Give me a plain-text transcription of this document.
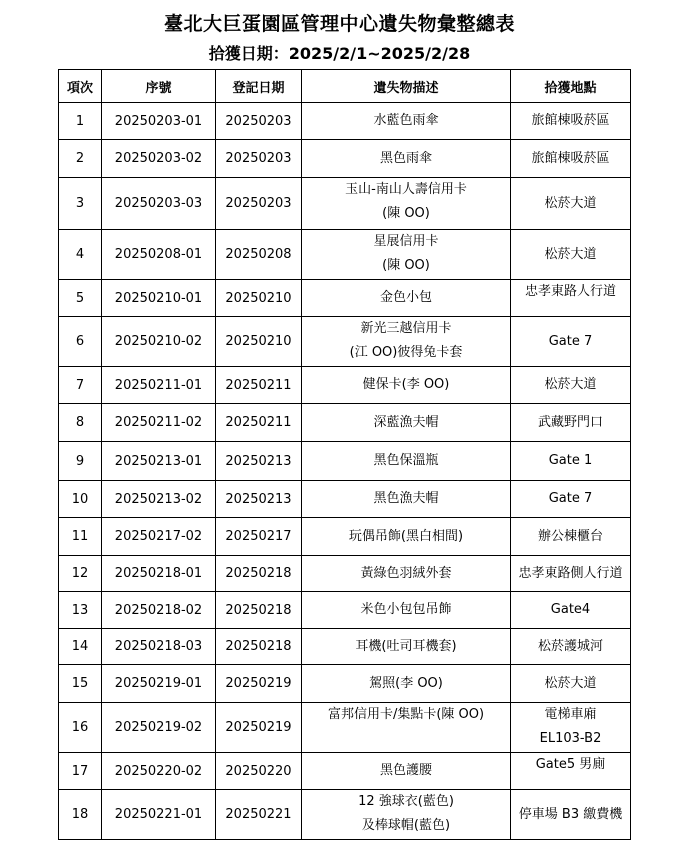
臺北大巨蛋園區管理中心遺失物彙整總表
拾獲日期：2025/2/1~2025/2/28
項次	序號	登記日期	遺失物描述	拾獲地點
1	20250203-01	20250203	水藍色雨傘	旅館棟吸菸區

2	20250203-02	20250203	黑色雨傘	旅館棟吸菸區

3	20250203-03	20250203	玉山-南山人壽信用卡
(陳 OO)	松菸大道

4	20250208-01	20250208	星展信用卡
(陳 OO)	松菸大道

5	20250210-01	20250210	金色小包	忠孝東路人行道

6	20250210-02	20250210	新光三越信用卡
(江 OO)彼得兔卡套	Gate 7

7	20250211-01	20250211	健保卡(李 OO)	松菸大道

8	20250211-02	20250211	深藍漁夫帽	武藏野門口

9	20250213-01	20250213	黑色保溫瓶	Gate 1

10	20250213-02	20250213	黑色漁夫帽	Gate 7

11	20250217-02	20250217	玩偶吊飾(黑白相間)	辦公棟櫃台

12	20250218-01	20250218	黃綠色羽絨外套	忠孝東路側人行道

13	20250218-02	20250218	米色小包包吊飾	Gate4

14	20250218-03	20250218	耳機(吐司耳機套)	松菸護城河

15	20250219-01	20250219	駕照(李 OO)	松菸大道

16	20250219-02	20250219	富邦信用卡/集點卡(陳 OO)	電梯車廂
EL103-B2

17	20250220-02	20250220	黑色護腰	Gate5 男廁

18	20250221-01	20250221	12 強球衣(藍色)
及棒球帽(藍色)	停車場 B3 繳費機
